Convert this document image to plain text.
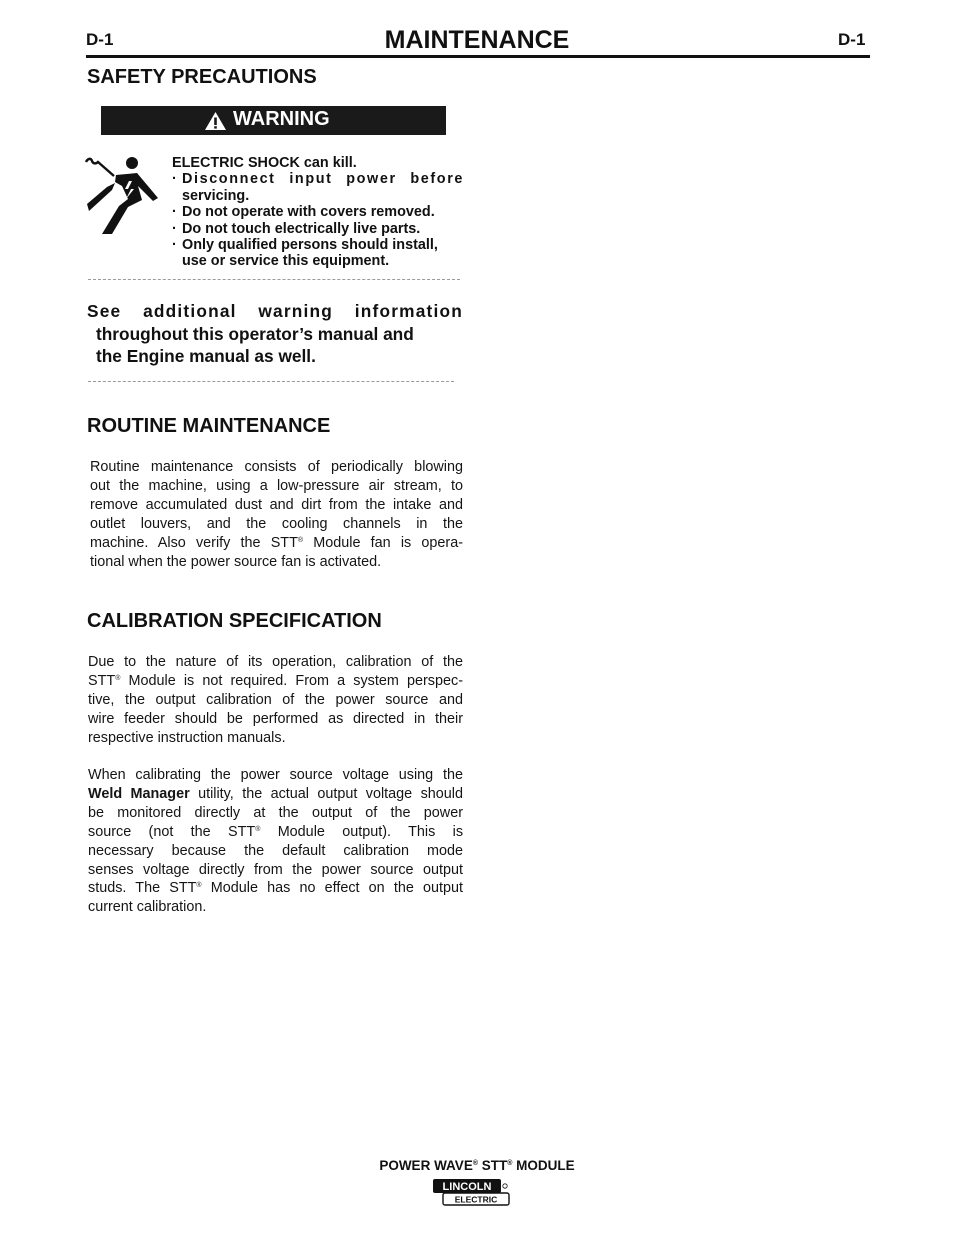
D-1	MAINTENANCE	D-1
SAFETY PRECAUTIONS
WARNING
ELECTRIC SHOCK can kill.
· Disconnect input power before
servicing.
· Do not operate with covers removed.
· Do not touch electrically live parts.
· Only qualified persons should install,
use or service this equipment.
See additional warning information
throughout this operator’s manual and
the Engine manual as well.
ROUTINE MAINTENANCE
Routine maintenance consists of periodically blowing
out the machine, using a low-pressure air stream, to
remove accumulated dust and dirt from the intake and
outlet louvers, and the cooling channels in the
machine. Also verify the STT® Module fan is opera-
tional when the power source fan is activated.
CALIBRATION SPECIFICATION
Due to the nature of its operation, calibration of the
STT® Module is not required. From a system perspec-
tive, the output calibration of the power source and
wire feeder should be performed as directed in their
respective instruction manuals.
When calibrating the power source voltage using the
Weld Manager utility, the actual output voltage should
be monitored directly at the output of the power
source (not the STT® Module output). This is
necessary because the default calibration mode
senses voltage directly from the power source output
studs. The STT® Module has no effect on the output
current calibration.
POWER WAVE® STT® MODULE
LINCOLN
ELECTRIC
